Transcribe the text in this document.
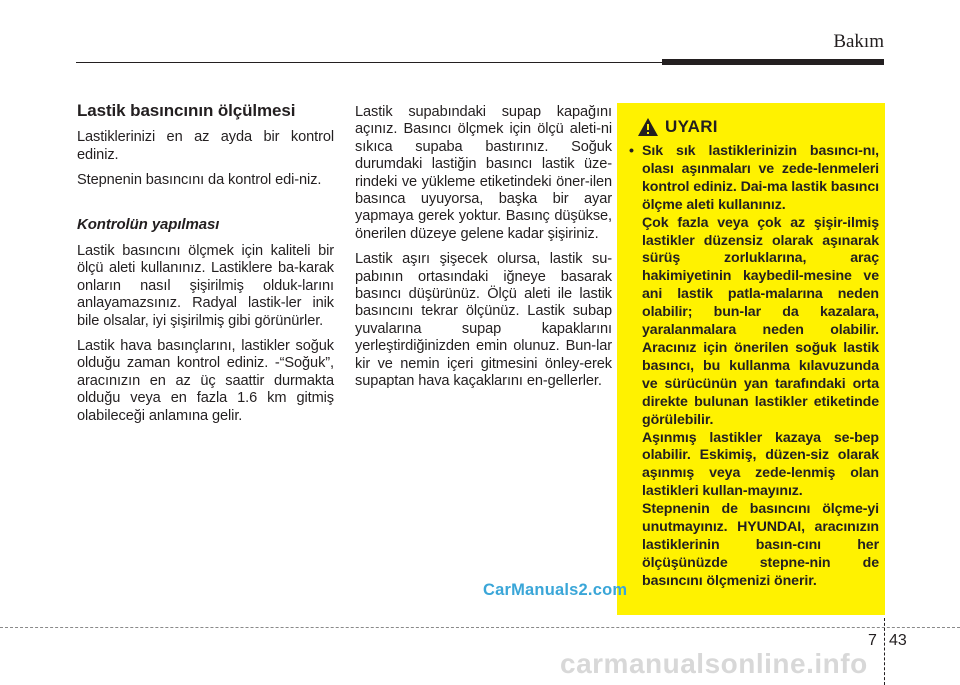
Bakım
Lastik basıncının ölçülmesi

Lastiklerinizi en az ayda bir kontrol ediniz.

Stepnenin basıncını da kontrol edi-niz.

Kontrolün yapılması

Lastik basıncını ölçmek için kaliteli bir ölçü aleti kullanınız. Lastiklere ba-karak onların nasıl şişirilmiş olduk-larını anlayamazsınız. Radyal lastik-ler inik bile olsalar, iyi şişirilmiş gibi görünürler.

Lastik hava basınçlarını, lastikler soğuk olduğu zaman kontrol ediniz. -“Soğuk”, aracınızın en az üç saattir durmakta olduğu veya en fazla 1.6 km gitmiş olabileceği anlamına gelir.

Lastik supabındaki supap kapağını açınız. Basıncı ölçmek için ölçü aleti-ni sıkıca supaba bastırınız. Soğuk durumdaki lastiğin basıncı lastik üze-rindeki ve yükleme etiketindeki öner-ilen basınca uyuyorsa, başka bir ayar yapmaya gerek yoktur. Basınç düşükse, önerilen düzeye gelene kadar şişiriniz.

Lastik aşırı şişecek olursa, lastik su-pabının ortasındaki iğneye basarak basıncı düşürünüz. Ölçü aleti ile lastik basıncını tekrar ölçünüz. Lastik subap yuvalarına supap kapaklarını yerleştirdiğinizden emin olunuz. Bun-lar kir ve nemin içeri gitmesini önley-erek supaptan hava kaçaklarını en-gellerler.

UYARI
• Sık sık lastiklerinizin basıncı-nı, olası aşınmaları ve zede-lenmeleri kontrol ediniz. Dai-ma lastik basıncı ölçme aleti kullanınız.

Çok fazla veya çok az şişir-ilmiş lastikler düzensiz olarak aşınarak sürüş zorluklarına, araç hakimiyetinin kaybedil-mesine ve ani lastik patla-malarına neden olabilir; bun-lar da kazalara, yaralanmalara neden olabilir. Aracınız için önerilen soğuk lastik basıncı, bu kullanma kılavuzunda ve sürücünün yan tarafındaki orta direkte bulunan lastikler etiketinde görülebilir.

Aşınmış lastikler kazaya se-bep olabilir. Eskimiş, düzen-siz olarak aşınmış veya zede-lenmiş olan lastikleri kullan-mayınız.

Stepnenin de basıncını ölçme-yi unutmayınız. HYUNDAI, aracınızın lastiklerinin basın-cını her ölçüşünüzde stepne-nin de basıncını ölçmenizi önerir.

CarManuals2.com
7 43
carmanualsonline.info
